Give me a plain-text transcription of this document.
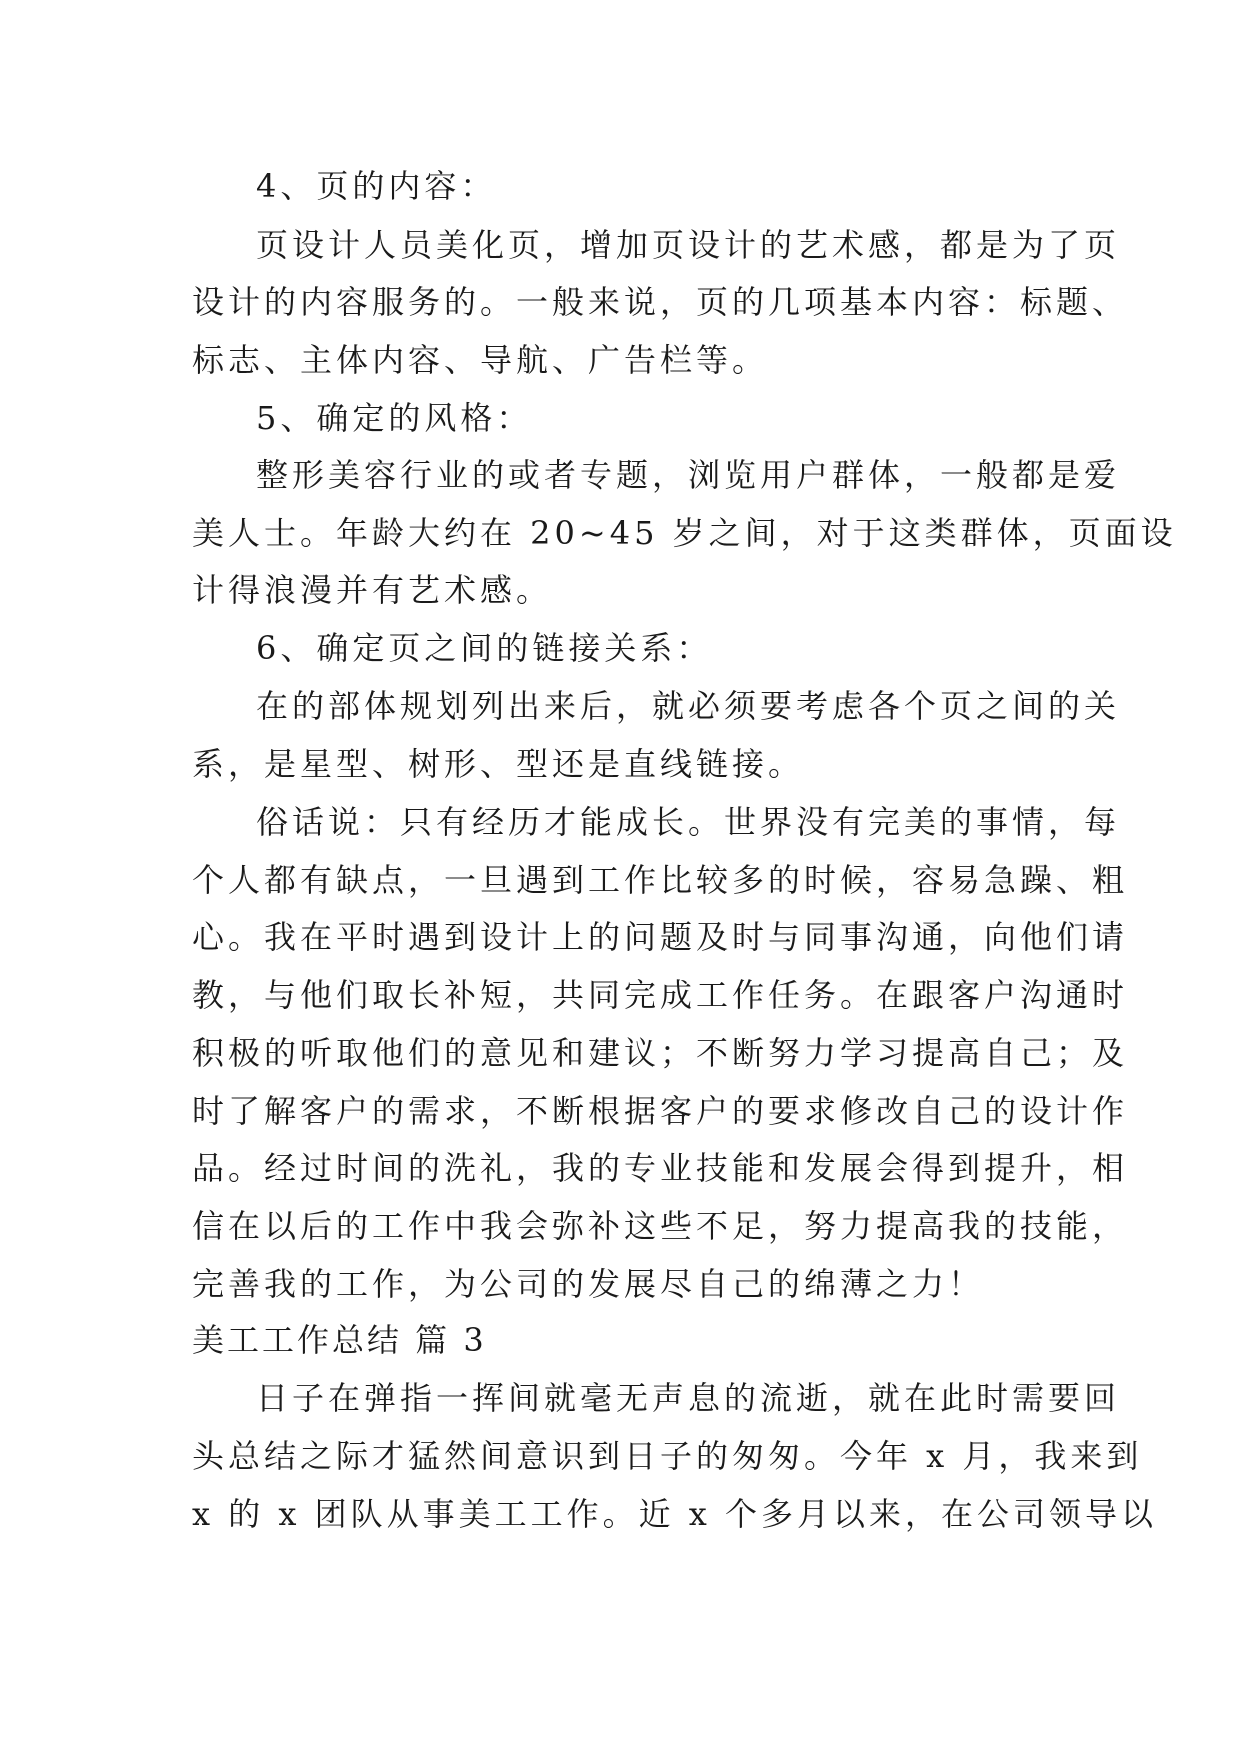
4、页的内容：
页设计人员美化页，增加页设计的艺术感，都是为了页
设计的内容服务的。一般来说，页的几项基本内容：标题、
标志、主体内容、导航、广告栏等。
5、确定的风格：
整形美容行业的或者专题，浏览用户群体，一般都是爱
美人士。年龄大约在 20~45 岁之间，对于这类群体，页面设
计得浪漫并有艺术感。
6、确定页之间的链接关系：
在的部体规划列出来后，就必须要考虑各个页之间的关
系，是星型、树形、型还是直线链接。
俗话说：只有经历才能成长。世界没有完美的事情，每
个人都有缺点，一旦遇到工作比较多的时候，容易急躁、粗
心。我在平时遇到设计上的问题及时与同事沟通，向他们请
教，与他们取长补短，共同完成工作任务。在跟客户沟通时
积极的听取他们的意见和建议；不断努力学习提高自己；及
时了解客户的需求，不断根据客户的要求修改自己的设计作
品。经过时间的洗礼，我的专业技能和发展会得到提升，相
信在以后的工作中我会弥补这些不足，努力提高我的技能，
完善我的工作，为公司的发展尽自己的绵薄之力！
美工工作总结 篇 3
日子在弹指一挥间就毫无声息的流逝，就在此时需要回
头总结之际才猛然间意识到日子的匆匆。今年 x 月，我来到
x 的 x 团队从事美工工作。近 x 个多月以来，在公司领导以
